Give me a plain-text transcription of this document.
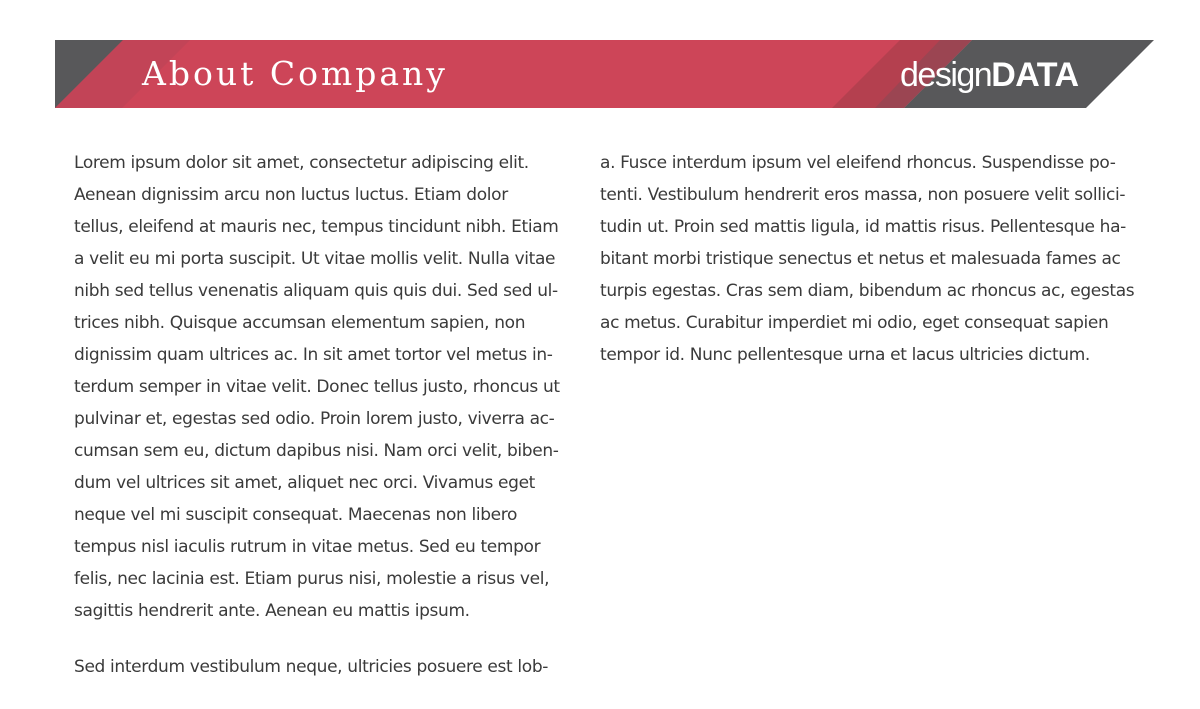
About Company	designDATA
Lorem ipsum dolor sit amet, consectetur adipiscing elit.
Aenean dignissim arcu non luctus luctus. Etiam dolor
tellus, eleifend at mauris nec, tempus tincidunt nibh. Etiam
a velit eu mi porta suscipit. Ut vitae mollis velit. Nulla vitae
nibh sed tellus venenatis aliquam quis quis dui. Sed sed ul-
trices nibh. Quisque accumsan elementum sapien, non
dignissim quam ultrices ac. In sit amet tortor vel metus in-
terdum semper in vitae velit. Donec tellus justo, rhoncus ut
pulvinar et, egestas sed odio. Proin lorem justo, viverra ac-
cumsan sem eu, dictum dapibus nisi. Nam orci velit, biben-
dum vel ultrices sit amet, aliquet nec orci. Vivamus eget
neque vel mi suscipit consequat. Maecenas non libero
tempus nisl iaculis rutrum in vitae metus. Sed eu tempor
felis, nec lacinia est. Etiam purus nisi, molestie a risus vel,
sagittis hendrerit ante. Aenean eu mattis ipsum.
Sed interdum vestibulum neque, ultricies posuere est lob-
a. Fusce interdum ipsum vel eleifend rhoncus. Suspendisse po-
tenti. Vestibulum hendrerit eros massa, non posuere velit sollici-
tudin ut. Proin sed mattis ligula, id mattis risus. Pellentesque ha-
bitant morbi tristique senectus et netus et malesuada fames ac
turpis egestas. Cras sem diam, bibendum ac rhoncus ac, egestas
ac metus. Curabitur imperdiet mi odio, eget consequat sapien
tempor id. Nunc pellentesque urna et lacus ultricies dictum.
